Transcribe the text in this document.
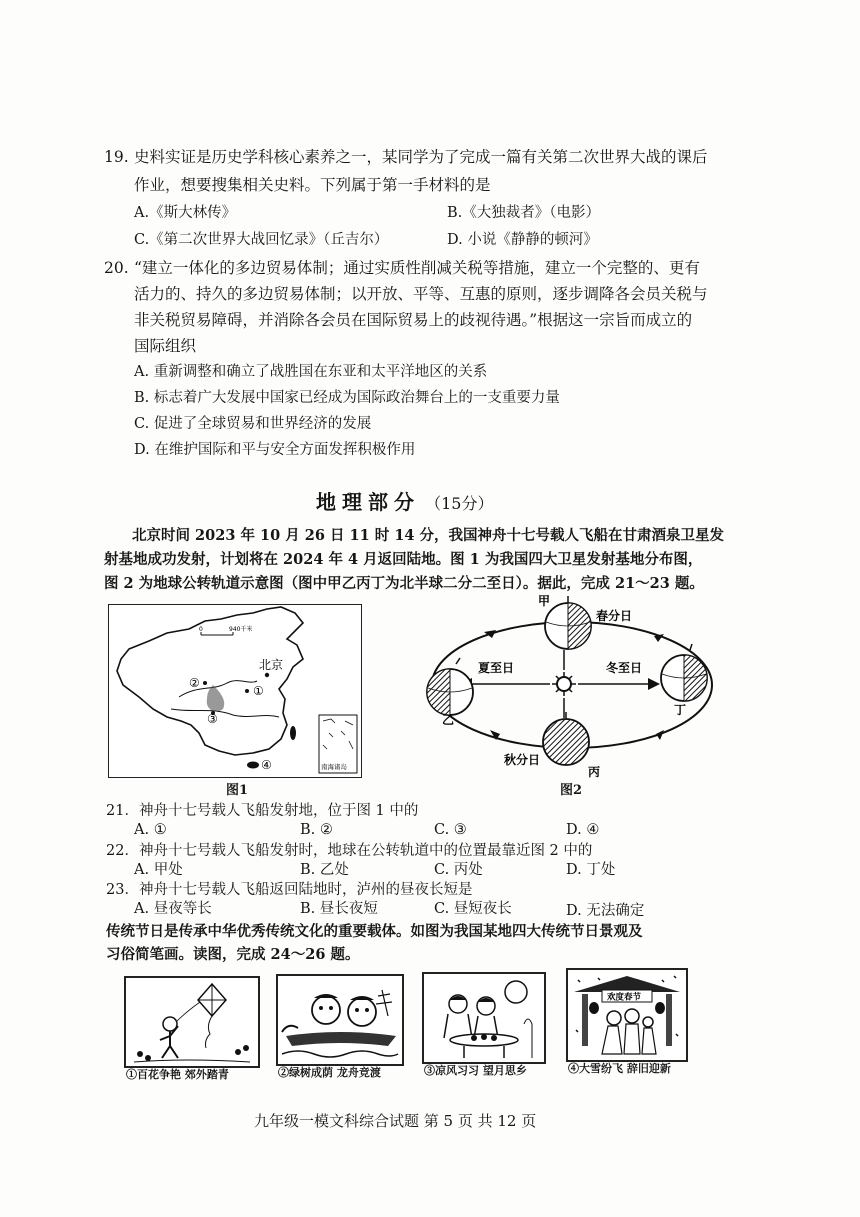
19. 史料实证是历史学科核心素养之一，某同学为了完成一篇有关第二次世界大战的课后
作业，想要搜集相关史料。下列属于第一手材料的是
A.《斯大林传》	B.《大独裁者》（电影）
C.《第二次世界大战回忆录》（丘吉尔）	D. 小说《静静的顿河》
20. “建立一体化的多边贸易体制；通过实质性削减关税等措施，建立一个完整的、更有
活力的、持久的多边贸易体制；以开放、平等、互惠的原则，逐步调降各会员关税与
非关税贸易障碍，并消除各会员在国际贸易上的歧视待遇。”根据这一宗旨而成立的
国际组织
A. 重新调整和确立了战胜国在东亚和太平洋地区的关系
B. 标志着广大发展中国家已经成为国际政治舞台上的一支重要力量
C. 促进了全球贸易和世界经济的发展
D. 在维护国际和平与安全方面发挥积极作用
地理部分 （15分）
北京时间 2023 年 10 月 26 日 11 时 14 分，我国神舟十七号载人飞船在甘肃酒泉卫星发
射基地成功发射，计划将在 2024 年 4 月返回陆地。图 1 为我国四大卫星发射基地分布图，
图 2 为地球公转轨道示意图（图中甲乙丙丁为北半球二分二至日）。据此，完成 21～23 题。
0	940千米
北京
①
②
③
④	南海诸岛
图1
甲
春分日
夏至日	冬至日
乙
丁
秋分日
丙
图2
21．神舟十七号载人飞船发射地，位于图 1 中的
A. ①	B. ②	C. ③	D. ④
22．神舟十七号载人飞船发射时，地球在公转轨道中的位置最靠近图 2 中的
A. 甲处	B. 乙处	C. 丙处	D. 丁处
23．神舟十七号载人飞船返回陆地时，泸州的昼夜长短是
A. 昼夜等长	B. 昼长夜短	C. 昼短夜长	D. 无法确定
传统节日是传承中华优秀传统文化的重要载体。如图为我国某地四大传统节日景观及
习俗简笔画。读图，完成 24～26 题。
①百花争艳 郊外踏青	②绿树成荫 龙舟竞渡	③凉风习习 望月思乡
欢度春节
④大雪纷飞 辞旧迎新
九年级一模文科综合试题 第 5 页 共 12 页
